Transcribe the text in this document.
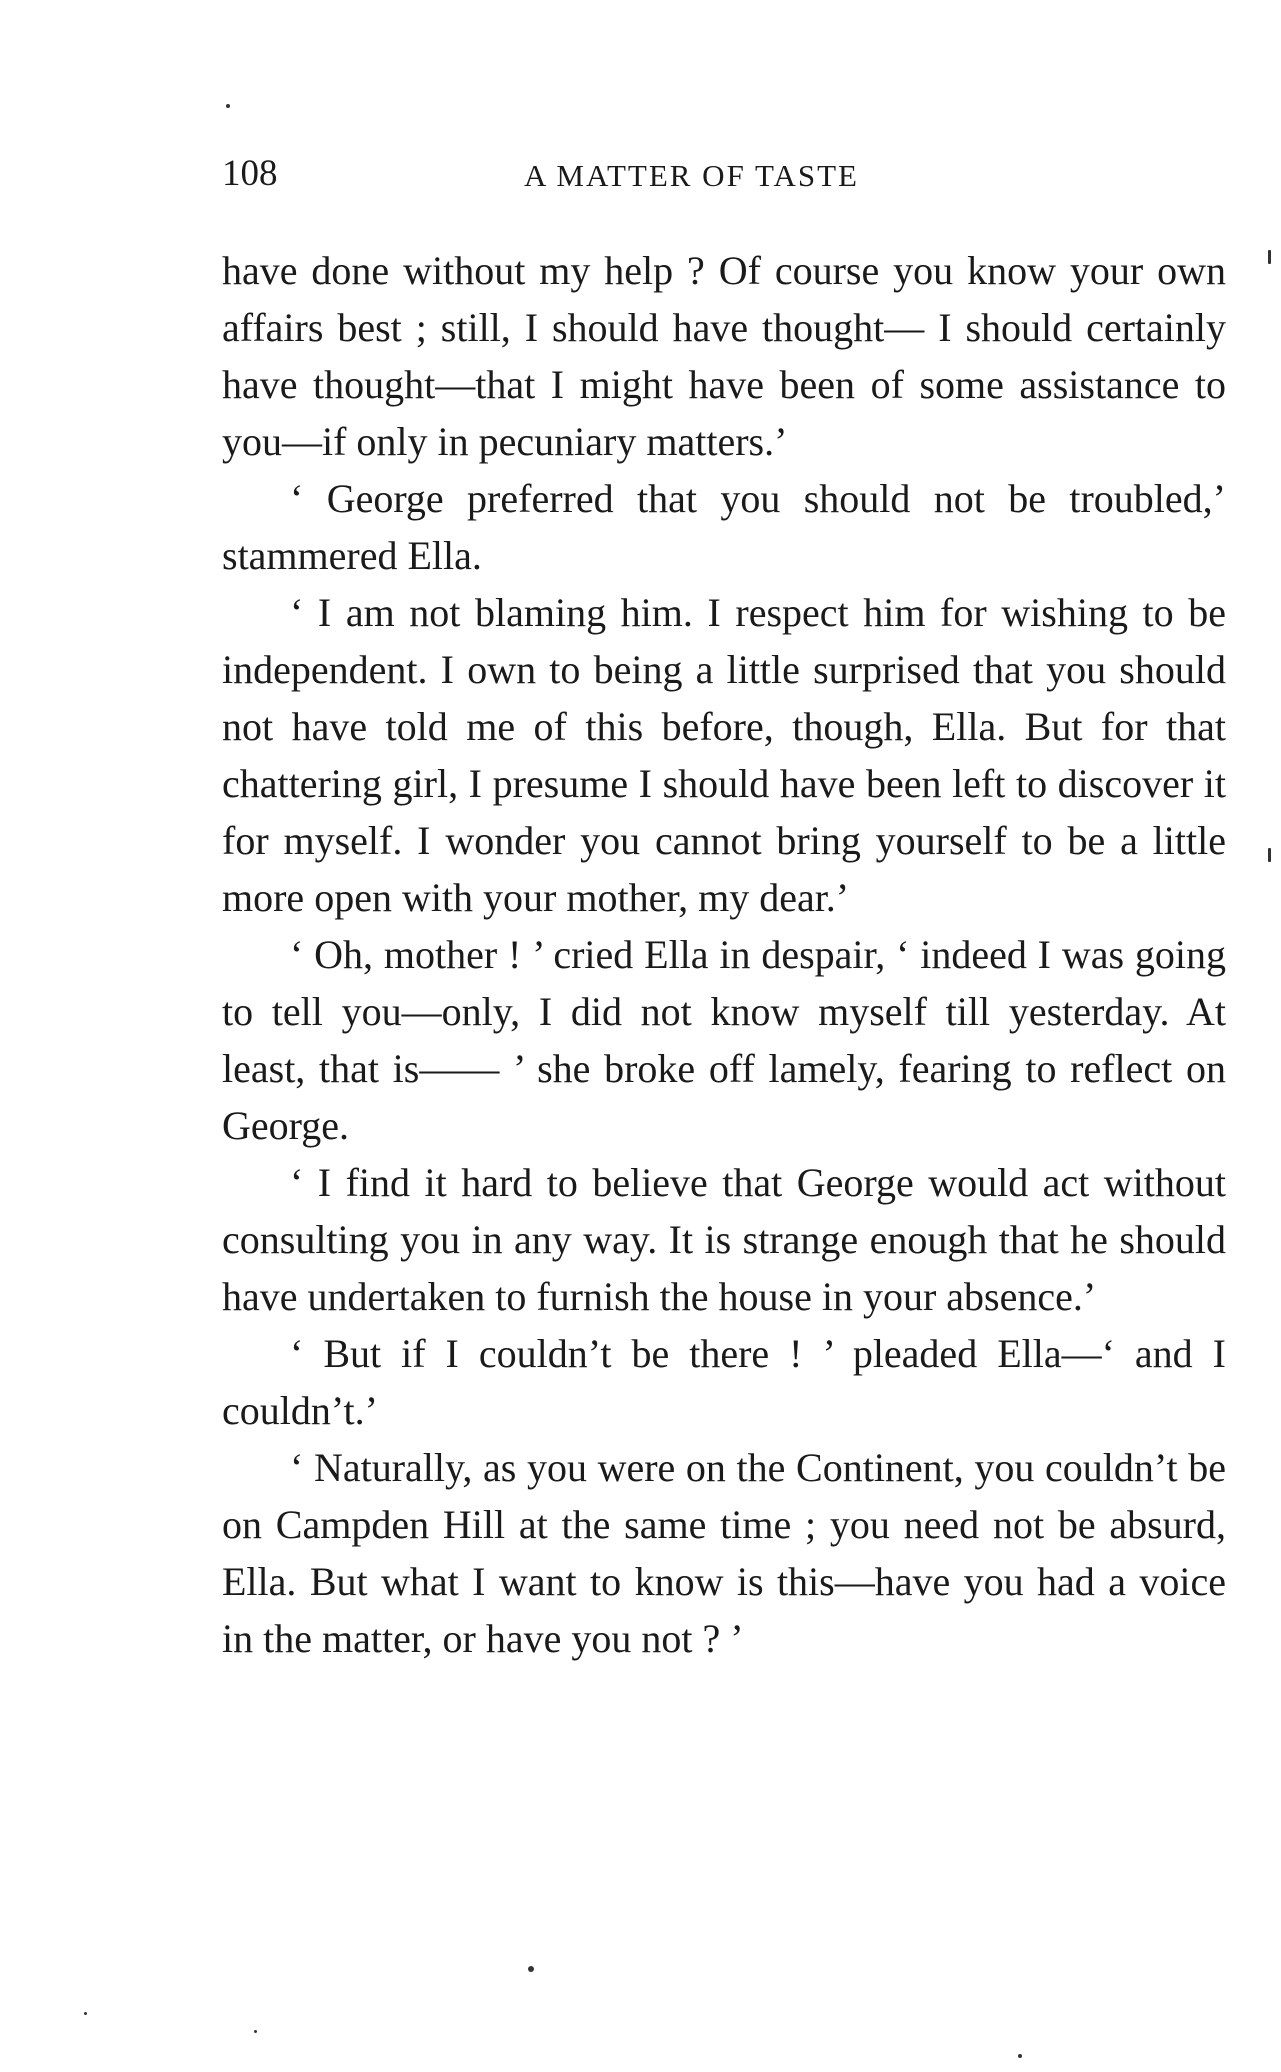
108	A MATTER OF TASTE

have done without my help ? Of course you know your own affairs best ; still, I should have thought— I should certainly have thought—that I might have been of some assistance to you—if only in pecuniary matters.’

‘ George preferred that you should not be troubled,’ stammered Ella.

‘ I am not blaming him. I respect him for wishing to be independent. I own to being a little surprised that you should not have told me of this before, though, Ella. But for that chattering girl, I presume I should have been left to discover it for myself. I wonder you cannot bring yourself to be a little more open with your mother, my dear.’

‘ Oh, mother ! ’ cried Ella in despair, ‘ indeed I was going to tell you—only, I did not know myself till yesterday. At least, that is—— ’ she broke off lamely, fearing to reflect on George.

‘ I find it hard to believe that George would act without consulting you in any way. It is strange enough that he should have undertaken to furnish the house in your absence.’

‘ But if I couldn’t be there ! ’ pleaded Ella—‘ and I couldn’t.’

‘ Naturally, as you were on the Continent, you couldn’t be on Campden Hill at the same time ; you need not be absurd, Ella. But what I want to know is this—have you had a voice in the matter, or have you not ? ’
